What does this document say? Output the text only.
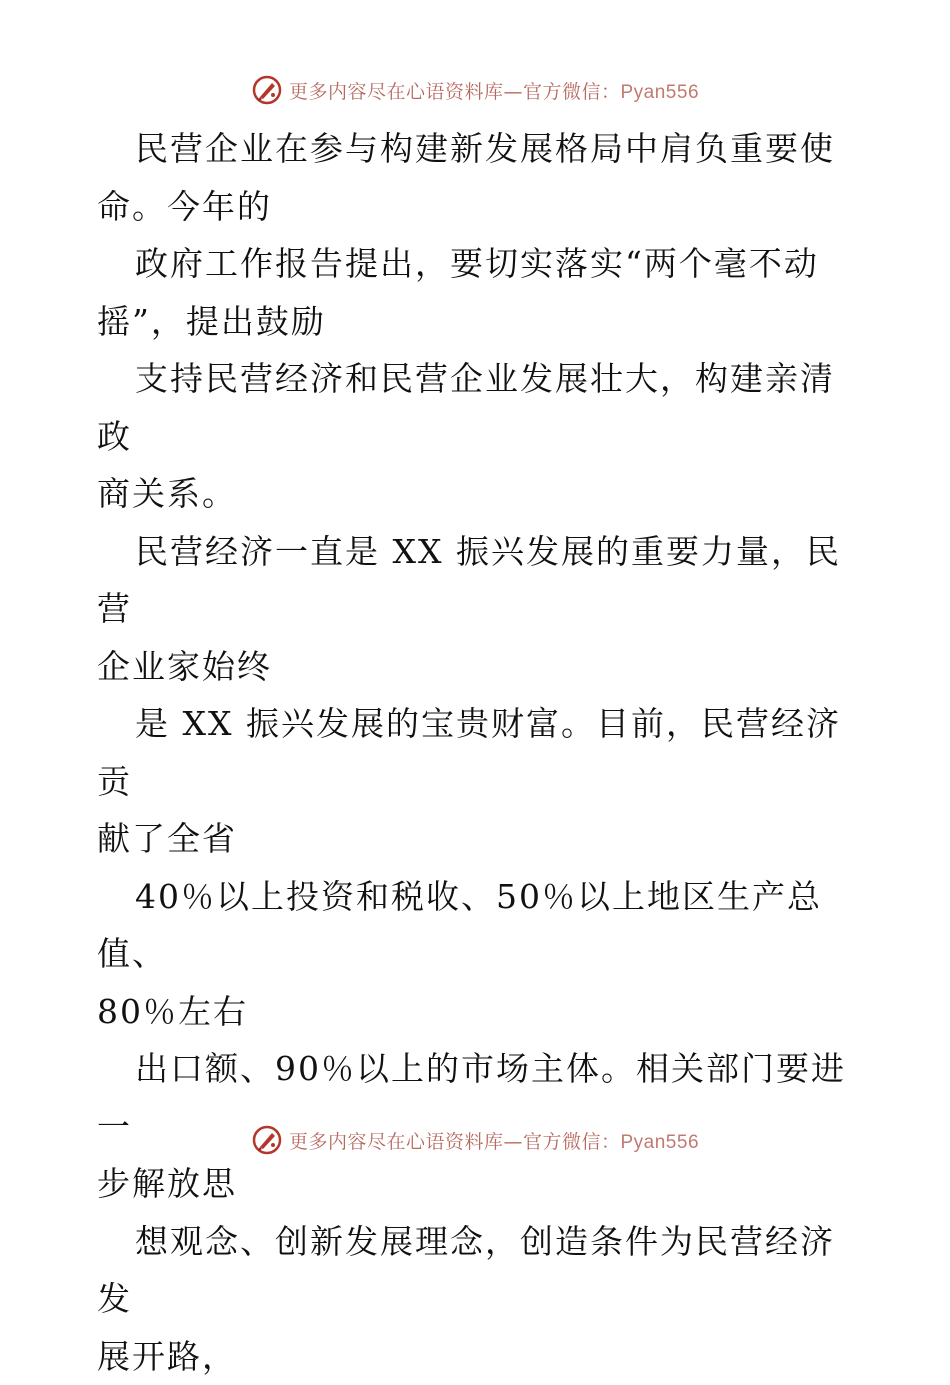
更多内容尽在心语资料库—官方微信：Pyan556

民营企业在参与构建新发展格局中肩负重要使
命。今年的

政府工作报告提出，要切实落实“两个毫不动
摇”，提出鼓励

支持民营经济和民营企业发展壮大，构建亲清政
商关系。

民营经济一直是 XX 振兴发展的重要力量，民营
企业家始终

是 XX 振兴发展的宝贵财富。目前，民营经济贡
献了全省

40％以上投资和税收、50％以上地区生产总值、
80％左右

出口额、90％以上的市场主体。相关部门要进一
步解放思

想观念、创新发展理念，创造条件为民营经济发
展开路，

更多内容尽在心语资料库—官方微信：Pyan556
